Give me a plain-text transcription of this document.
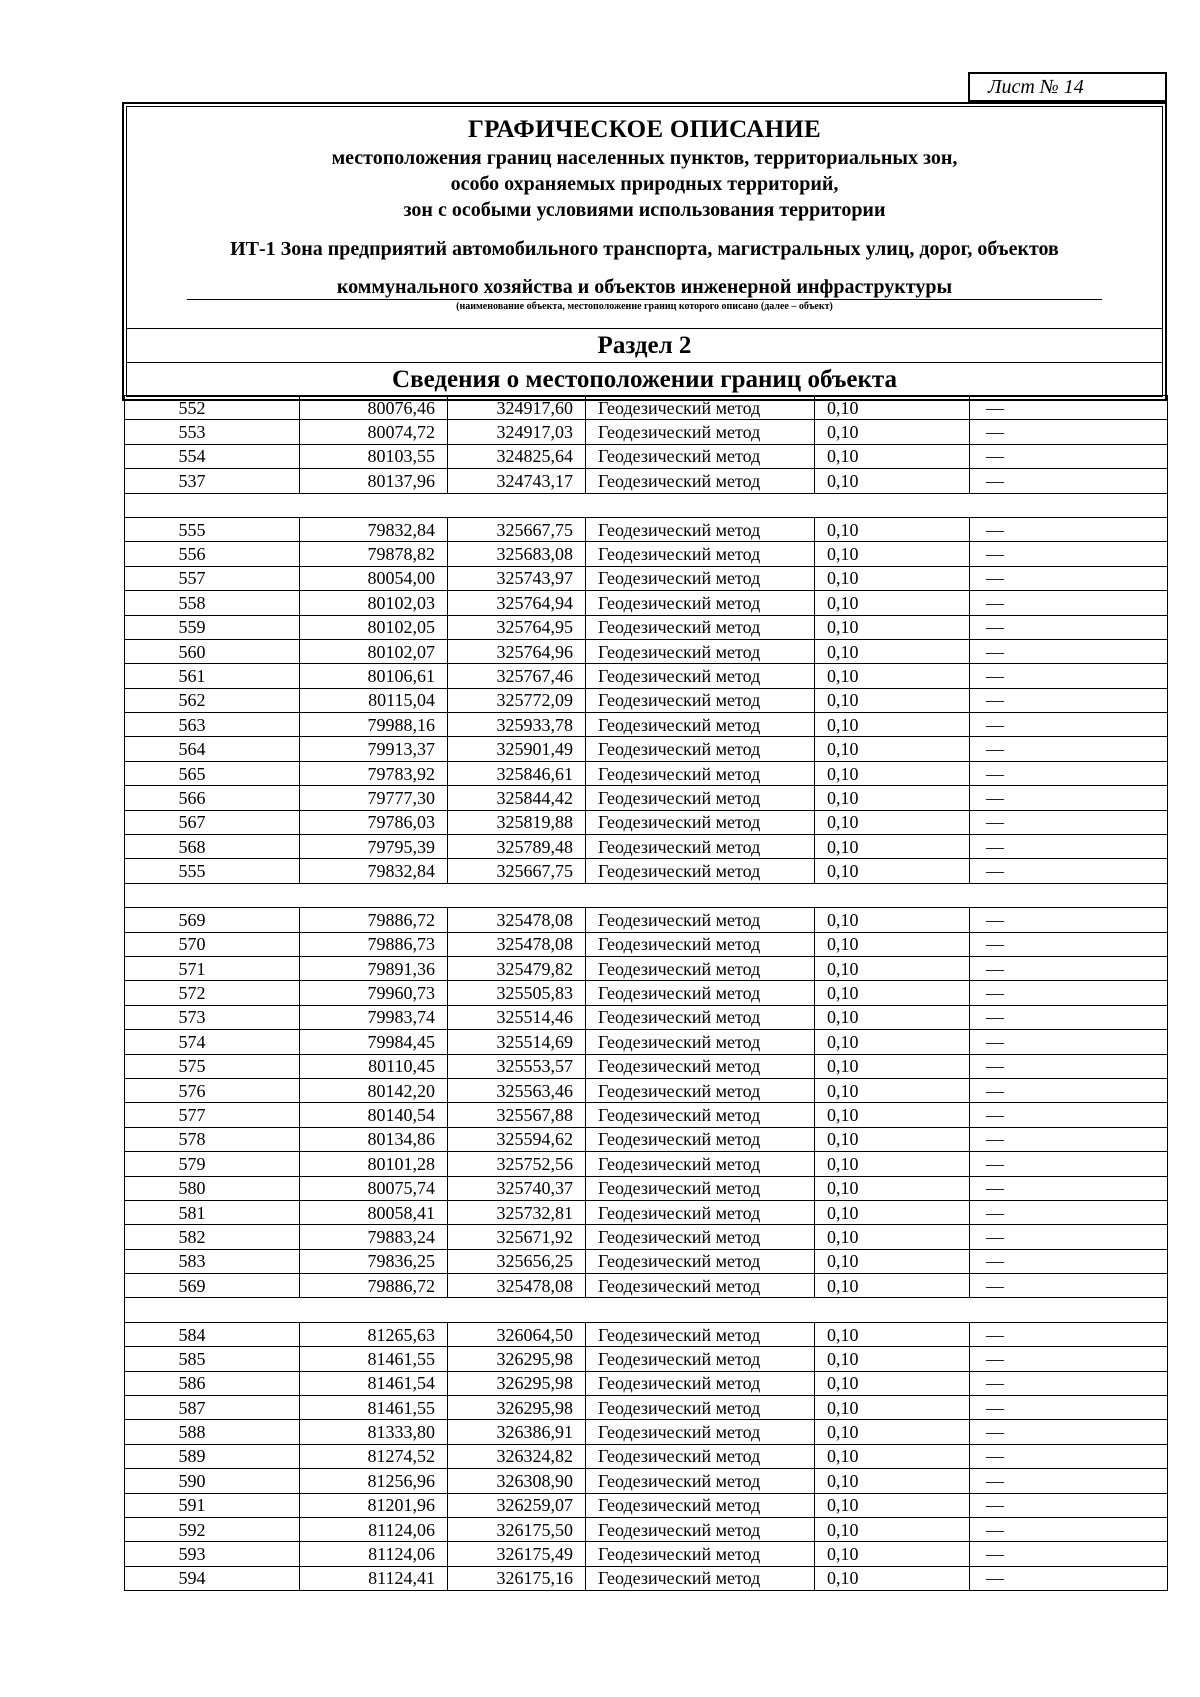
Лист № 14
ГРАФИЧЕСКОЕ ОПИСАНИЕ
местоположения границ населенных пунктов, территориальных зон,
особо охраняемых природных территорий,
зон с особыми условиями использования территории
ИТ-1 Зона предприятий автомобильного транспорта, магистральных улиц, дорог, объектов
коммунального хозяйства и объектов инженерной инфраструктуры
(наименование объекта, местоположение границ которого описано (далее – объект)
Раздел 2
Сведения о местоположении границ объекта
552	80076,46	324917,60	Геодезический метод	0,10	—
553	80074,72	324917,03	Геодезический метод	0,10	—
554	80103,55	324825,64	Геодезический метод	0,10	—
537	80137,96	324743,17	Геодезический метод	0,10	—

555	79832,84	325667,75	Геодезический метод	0,10	—
556	79878,82	325683,08	Геодезический метод	0,10	—
557	80054,00	325743,97	Геодезический метод	0,10	—
558	80102,03	325764,94	Геодезический метод	0,10	—
559	80102,05	325764,95	Геодезический метод	0,10	—
560	80102,07	325764,96	Геодезический метод	0,10	—
561	80106,61	325767,46	Геодезический метод	0,10	—
562	80115,04	325772,09	Геодезический метод	0,10	—
563	79988,16	325933,78	Геодезический метод	0,10	—
564	79913,37	325901,49	Геодезический метод	0,10	—
565	79783,92	325846,61	Геодезический метод	0,10	—
566	79777,30	325844,42	Геодезический метод	0,10	—
567	79786,03	325819,88	Геодезический метод	0,10	—
568	79795,39	325789,48	Геодезический метод	0,10	—
555	79832,84	325667,75	Геодезический метод	0,10	—

569	79886,72	325478,08	Геодезический метод	0,10	—
570	79886,73	325478,08	Геодезический метод	0,10	—
571	79891,36	325479,82	Геодезический метод	0,10	—
572	79960,73	325505,83	Геодезический метод	0,10	—
573	79983,74	325514,46	Геодезический метод	0,10	—
574	79984,45	325514,69	Геодезический метод	0,10	—
575	80110,45	325553,57	Геодезический метод	0,10	—
576	80142,20	325563,46	Геодезический метод	0,10	—
577	80140,54	325567,88	Геодезический метод	0,10	—
578	80134,86	325594,62	Геодезический метод	0,10	—
579	80101,28	325752,56	Геодезический метод	0,10	—
580	80075,74	325740,37	Геодезический метод	0,10	—
581	80058,41	325732,81	Геодезический метод	0,10	—
582	79883,24	325671,92	Геодезический метод	0,10	—
583	79836,25	325656,25	Геодезический метод	0,10	—
569	79886,72	325478,08	Геодезический метод	0,10	—

584	81265,63	326064,50	Геодезический метод	0,10	—
585	81461,55	326295,98	Геодезический метод	0,10	—
586	81461,54	326295,98	Геодезический метод	0,10	—
587	81461,55	326295,98	Геодезический метод	0,10	—
588	81333,80	326386,91	Геодезический метод	0,10	—
589	81274,52	326324,82	Геодезический метод	0,10	—
590	81256,96	326308,90	Геодезический метод	0,10	—
591	81201,96	326259,07	Геодезический метод	0,10	—
592	81124,06	326175,50	Геодезический метод	0,10	—
593	81124,06	326175,49	Геодезический метод	0,10	—
594	81124,41	326175,16	Геодезический метод	0,10	—
